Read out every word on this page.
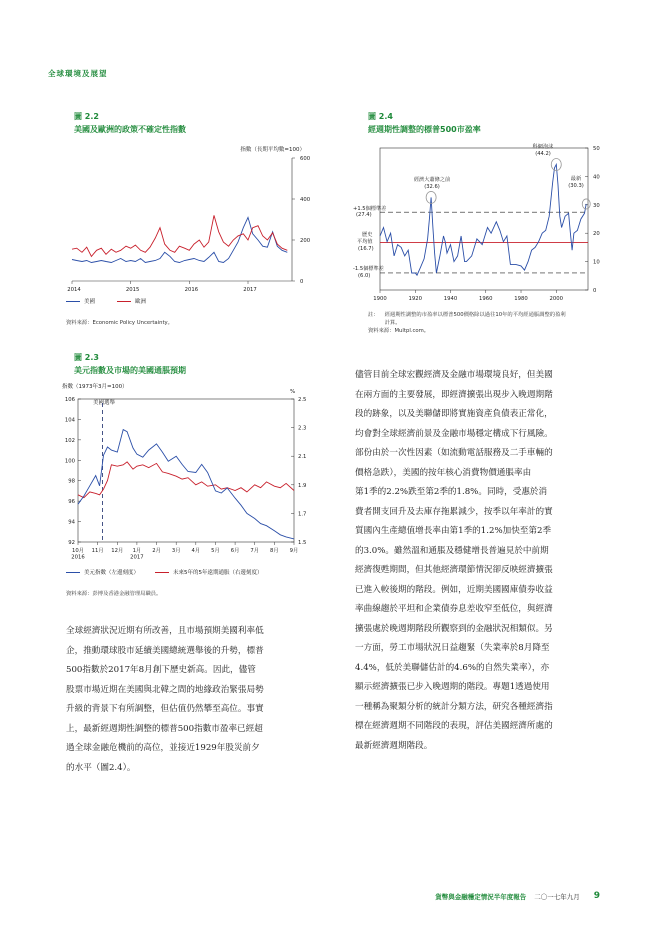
全球環境及展望
圖 2.2
美國及歐洲的政策不確定性指數
指數（長期平均數=100）
0
200
400
600
2014	2015	2016	2017
美國	歐洲
資料來源：Economic Policy Uncertainty。
圖 2.4
經週期性調整的標普500市盈率
0
10
20
30
40
50
1900	1920	1940	1960	1980	2000
科網泡沫
(44.2)
經濟大蕭條之前
(32.6)
最新
(30.3)
+1.5個標準差
(27.4)
歷史
平均值
(16.7)
-1.5個標準差
(6.0)
註： 經週期性調整的市盈率以標普500價格除以過往10年的平均經通脹調整的盈利
計算。
資料來源：Multpl.com。
圖 2.3
美元指數及市場的美國通脹預期
指數（1973年3月=100）
%
美國選舉
92
94
96
98
100
102
104
106
1.5
1.7
1.9
2.1
2.3
2.5
10月
2016
11月 12月 1月
2017
2月 3月 4月 5月 6月 7月 8月 9月
美元指數（左邊刻度）	未來5年的5年遠期通脹（右邊刻度）
資料來源：彭博及香港金融管理局職員。
全球經濟狀況近期有所改善，且市場預期美國利率低
企，推動環球股市延續美國總統選舉後的升勢，標普
500指數於2017年8月創下歷史新高。因此，儘管
股票市場近期在美國與北韓之間的地緣政治緊張局勢
升級的背景下有所調整，但估值仍然攀至高位。事實
上，最新經週期性調整的標普500指數市盈率已經超
過全球金融危機前的高位，並接近1929年股災前夕
的水平（圖2.4）。
儘管目前全球宏觀經濟及金融市場環境良好，但美國
在兩方面的主要發展，即經濟擴張出現步入晚週期階
段的跡象，以及美聯儲即將實施資產負債表正常化，
均會對全球經濟前景及金融市場穩定構成下行風險。
部份由於一次性因素（如流動電話服務及二手車輛的
價格急跌），美國的按年核心消費物價通脹率由
第1季的2.2%跌至第2季的1.8%。同時，受惠於消
費者開支回升及去庫存拖累減少，按季以年率計的實
質國內生產總值增長率由第1季的1.2%加快至第2季
的3.0%。雖然溫和通脹及穩健增長普遍見於中前期
經濟復甦期間，但其他經濟環節情況卻反映經濟擴張
已進入較後期的階段。例如，近期美國國庫債券收益
率曲線趨於平坦和企業債券息差收窄至低位，與經濟
擴張處於晚週期階段所觀察到的金融狀況相類似。另
一方面，勞工市場狀況日益趨緊（失業率於8月降至
4.4%，低於美聯儲估計的4.6%的自然失業率），亦
顯示經濟擴張已步入晚週期的階段。專題1透過使用
一種稱為聚類分析的統計分類方法，研究各種經濟指
標在經濟週期不同階段的表現，評估美國經濟所處的
最新經濟週期階段。
貨幣與金融穩定情況半年度報告 二〇一七年九月 9
